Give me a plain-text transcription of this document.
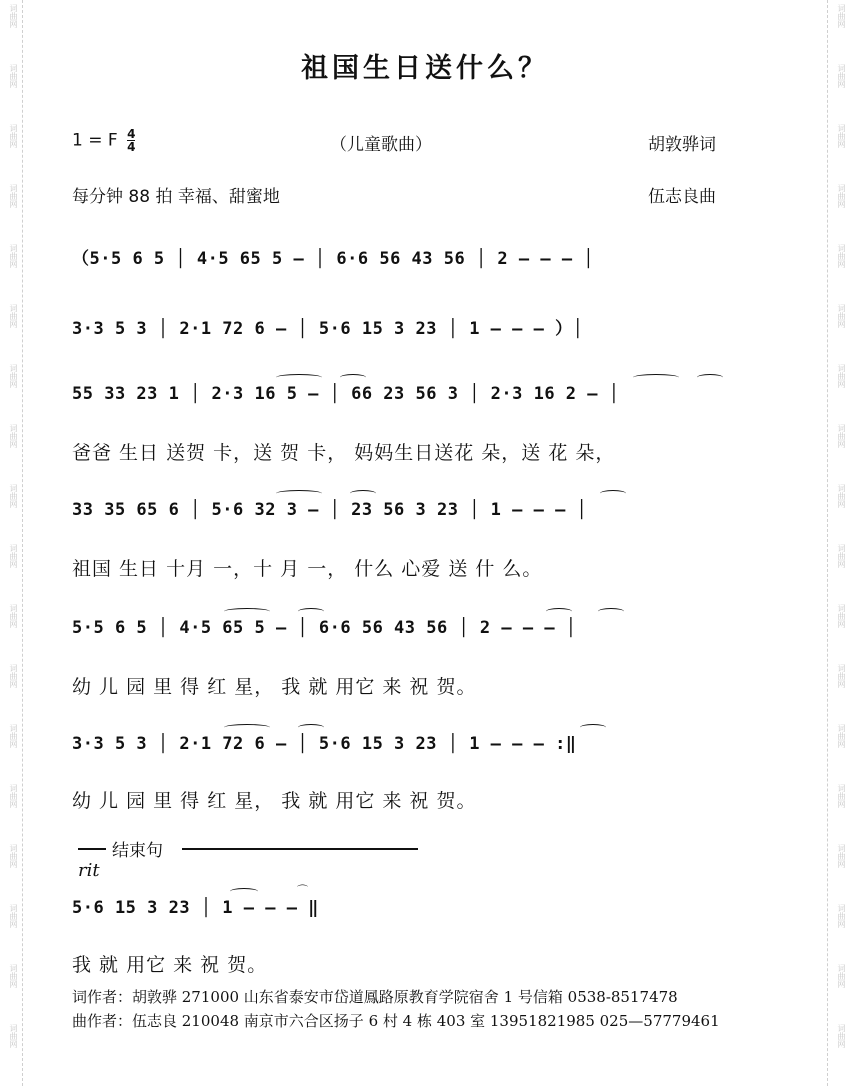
词曲网
词曲网
词曲网
词曲网
词曲网
词曲网
词曲网
词曲网
词曲网
词曲网
词曲网
词曲网
词曲网
词曲网
词曲网
词曲网
词曲网
词曲网
词曲网
词曲网
词曲网
词曲网
词曲网
词曲网
词曲网
词曲网
词曲网
词曲网
词曲网
词曲网
词曲网
词曲网
词曲网
词曲网
词曲网
词曲网
祖国生日送什么？
1 = F $\frac{4}{4}$	（儿童歌曲）	胡敦骅词
每分钟 88 拍 幸福、甜蜜地	伍志良曲
（5·5 6 5 │ 4·5 65 5 – │ 6·6 56 43 56 │ 2 – – – │
3·3 5 3 │ 2·1 72 6 – │ 5·6 15 3 23 │ 1 – – – ）│
55 33 23 1 │ 2·3 16 5 – │ 66 23 56 3 │ 2·3 16 2 – │
爸爸 生日 送贺 卡，送 贺 卡， 妈妈生日送花 朵，送 花 朵，
33 35 65 6 │ 5·6 32 3 – │ 23 56 3 23 │ 1 – – – │
祖国 生日 十月 一，十 月 一， 什么 心爱 送 什 么。
5·5 6 5 │ 4·5 65 5 – │ 6·6 56 43 56 │ 2 – – – │
幼 儿 园 里 得 红 星， 我 就 用它 来 祝 贺。
3·3 5 3 │ 2·1 72 6 – │ 5·6 15 3 23 │ 1 – – – :‖
幼 儿 园 里 得 红 星， 我 就 用它 来 祝 贺。
结束句
rit
⌒
5·6 15 3 23 │ 1 – – – ‖
我 就 用它 来 祝 贺。
词作者：胡敦骅 271000 山东省泰安市岱道鳳路原教育学院宿舍 1 号信箱 0538-8517478
曲作者：伍志良 210048 南京市六合区扬子 6 村 4 栋 403 室 13951821985 025—57779461
